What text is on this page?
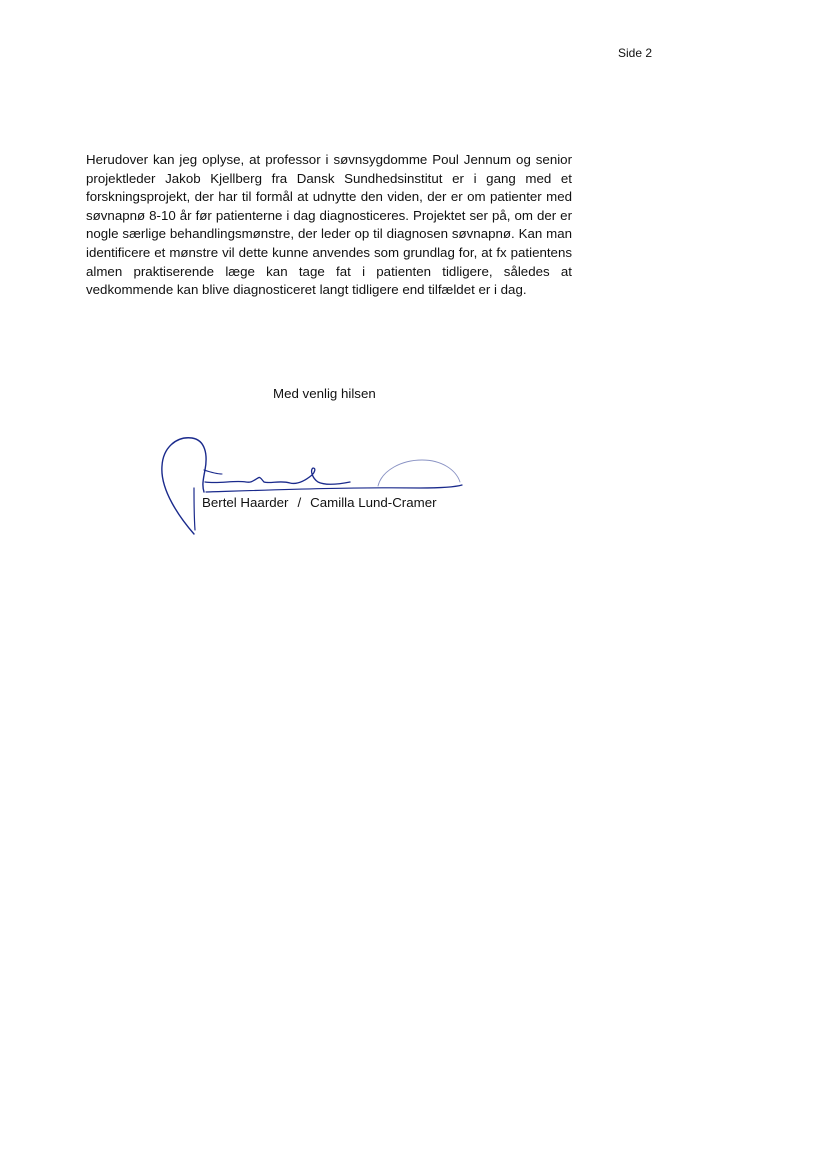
Side 2

Herudover kan jeg oplyse, at professor i søvnsygdomme Poul Jennum og senior projektleder Jakob Kjellberg fra Dansk Sundhedsinstitut er i gang med et forskningsprojekt, der har til formål at udnytte den viden, der er om patienter med søvnapnø 8-10 år før patienterne i dag diagnosticeres. Projektet ser på, om der er nogle særlige behandlingsmønstre, der leder op til diagnosen søvnapnø. Kan man identificere et mønstre vil dette kunne anvendes som grundlag for, at fx patientens almen praktiserende læge kan tage fat i patienten tidligere, således at vedkommende kan blive diagnosticeret langt tidligere end tilfældet er i dag.

Med venlig hilsen
Bertel Haarder / Camilla Lund-Cramer
